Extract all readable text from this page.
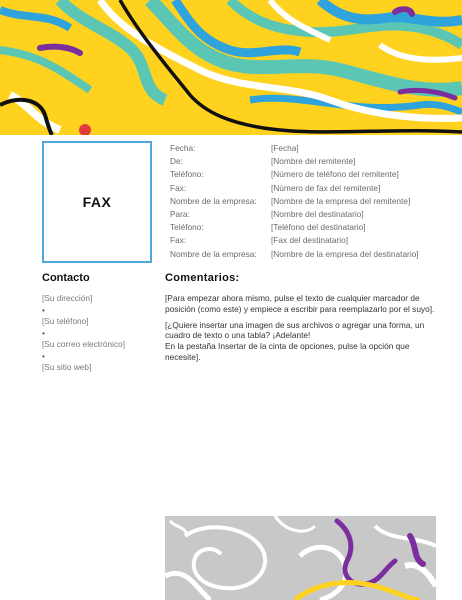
FAX
Fecha:	[Fecha]
De:	[Nombre del remitente]
Teléfono:	[Número de teléfono del remitente]
Fax:	[Número de fax del remitente]
Nombre de la empresa:	[Nombre de la empresa del remitente]
Para:	[Nombre del destinatario]
Teléfono:	[Teléfono del destinatario]
Fax:	[Fax del destinatario]
Nombre de la empresa:	[Nombre de la empresa del destinatario]
Contacto
[Su dirección]
•
[Su teléfono]
•
[Su correo electrónico]
•
[Su sitio web]
Comentarios:

[Para empezar ahora mismo, pulse el texto de cualquier marcador de posición (como este) y empiece a escribir para reemplazarlo por el suyo].

[¿Quiere insertar una imagen de sus archivos o agregar una forma, un cuadro de texto o una tabla? ¡Adelante!
En la pestaña Insertar de la cinta de opciones, pulse la opción que necesite].
